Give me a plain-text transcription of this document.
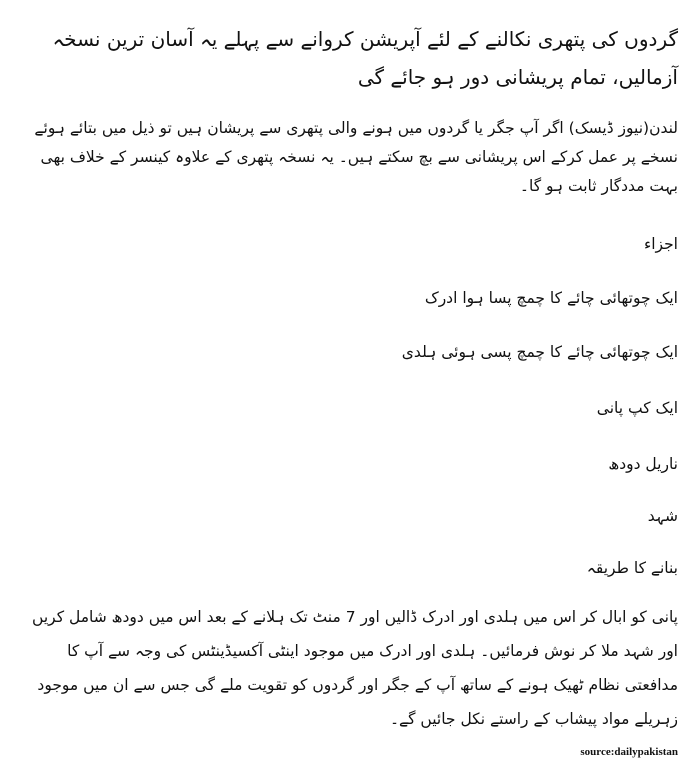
گردوں کی پتھری نکالنے کے لئے آپریشن کروانے سے پہلے یہ آسان ترین نسخہ آزمالیں، تمام پریشانی دور ہو جائے گی

لندن(نیوز ڈیسک) اگر آپ جگر یا گردوں میں ہونے والی پتھری سے پریشان ہیں تو ذیل میں بتائے ہوئے نسخے پر عمل کرکے اس پریشانی سے بچ سکتے ہیں۔ یہ نسخہ پتھری کے علاوہ کینسر کے خلاف بھی بہت مددگار ثابت ہو گا۔

اجزاء

ایک چوتھائی چائے کا چمچ پسا ہوا ادرک

ایک چوتھائی چائے کا چمچ پسی ہوئی ہلدی

ایک کپ پانی

ناریل دودھ

شہد

بنانے کا طریقہ

پانی کو ابال کر اس میں ہلدی اور ادرک ڈالیں اور 7 منٹ تک ہلانے کے بعد اس میں دودھ شامل کریں اور شہد ملا کر نوش فرمائیں۔ ہلدی اور ادرک میں موجود اینٹی آکسیڈینٹس کی وجہ سے آپ کا مدافعتی نظام ٹھیک ہونے کے ساتھ آپ کے جگر اور گردوں کو تقویت ملے گی جس سے ان میں موجود زہریلے مواد پیشاب کے راستے نکل جائیں گے۔

source:dailypakistan
